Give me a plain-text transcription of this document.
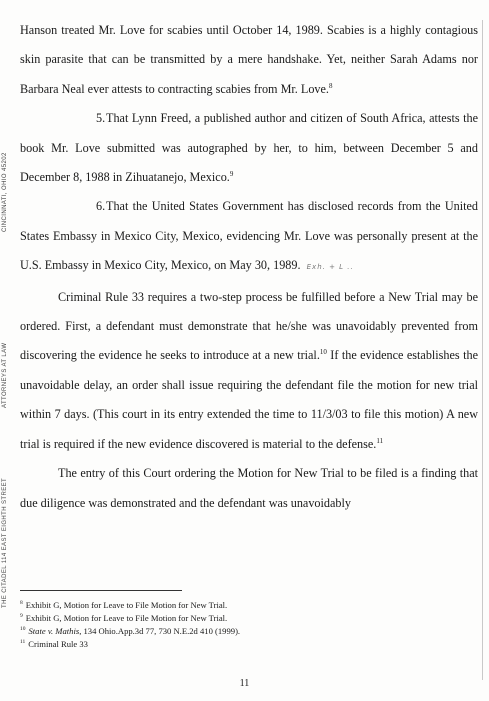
CINCINNATI, OHIO 45202
ATTORNEYS AT LAW
THE CITADEL 114 EAST EIGHTH STREET

Hanson treated Mr. Love for scabies until October 14, 1989. Scabies is a highly contagious skin parasite that can be transmitted by a mere handshake. Yet, neither Sarah Adams nor Barbara Neal ever attests to contracting scabies from Mr. Love.$^8$

5.That Lynn Freed, a published author and citizen of South Africa, attests the book Mr. Love submitted was autographed by her, to him, between December 5 and December 8, 1988 in Zihuatanejo, Mexico.$^9$

6.That the United States Government has disclosed records from the United States Embassy in Mexico City, Mexico, evidencing Mr. Love was personally present at the U.S. Embassy in Mexico City, Mexico, on May 30, 1989. Exh. + L ..

Criminal Rule 33 requires a two-step process be fulfilled before a New Trial may be ordered. First, a defendant must demonstrate that he/she was unavoidably prevented from discovering the evidence he seeks to introduce at a new trial.$^{10}$ If the evidence establishes the unavoidable delay, an order shall issue requiring the defendant file the motion for new trial within 7 days. (This court in its entry extended the time to 11/3/03 to file this motion) A new trial is required if the new evidence discovered is material to the defense.$^{11}$

The entry of this Court ordering the Motion for New Trial to be filed is a finding that due diligence was demonstrated and the defendant was unavoidably

$^8$ Exhibit G, Motion for Leave to File Motion for New Trial.
$^9$ Exhibit G, Motion for Leave to File Motion for New Trial.
$^{10}$ State v. Mathis, 134 Ohio.App.3d 77, 730 N.E.2d 410 (1999).
$^{11}$ Criminal Rule 33
11
